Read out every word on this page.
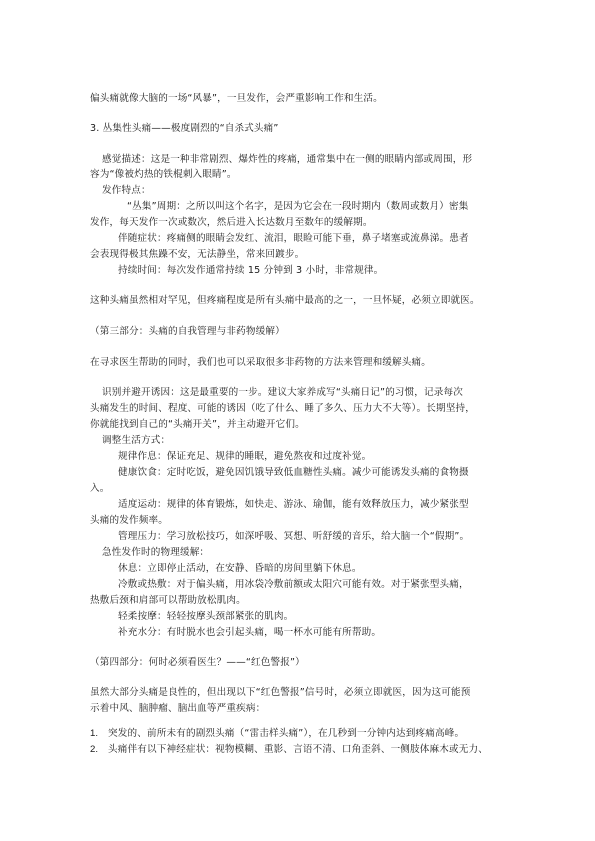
偏头痛就像大脑的一场“风暴”，一旦发作，会严重影响工作和生活。
3. 丛集性头痛——极度剧烈的“自杀式头痛”
感觉描述：这是一种非常剧烈、爆炸性的疼痛，通常集中在一侧的眼睛内部或周围，形
容为“像被灼热的铁棍刺入眼睛”。
发作特点：
“丛集”周期：之所以叫这个名字，是因为它会在一段时期内（数周或数月）密集
发作，每天发作一次或数次，然后进入长达数月至数年的缓解期。
伴随症状：疼痛侧的眼睛会发红、流泪，眼睑可能下垂，鼻子堵塞或流鼻涕。患者
会表现得极其焦躁不安，无法静坐，常来回踱步。
持续时间：每次发作通常持续 15 分钟到 3 小时，非常规律。
这种头痛虽然相对罕见，但疼痛程度是所有头痛中最高的之一，一旦怀疑，必须立即就医。
（第三部分：头痛的自我管理与非药物缓解）
在寻求医生帮助的同时，我们也可以采取很多非药物的方法来管理和缓解头痛。
识别并避开诱因：这是最重要的一步。建议大家养成写“头痛日记”的习惯，记录每次
头痛发生的时间、程度、可能的诱因（吃了什么、睡了多久、压力大不大等）。长期坚持，
你就能找到自己的“头痛开关”，并主动避开它们。
调整生活方式：
规律作息：保证充足、规律的睡眠，避免熬夜和过度补觉。
健康饮食：定时吃饭，避免因饥饿导致低血糖性头痛。减少可能诱发头痛的食物摄
入。
适度运动：规律的体育锻炼，如快走、游泳、瑜伽，能有效释放压力，减少紧张型
头痛的发作频率。
管理压力：学习放松技巧，如深呼吸、冥想、听舒缓的音乐，给大脑一个“假期”。
急性发作时的物理缓解：
休息：立即停止活动，在安静、昏暗的房间里躺下休息。
冷敷或热敷：对于偏头痛，用冰袋冷敷前额或太阳穴可能有效。对于紧张型头痛，
热敷后颈和肩部可以帮助放松肌肉。
轻柔按摩：轻轻按摩头颈部紧张的肌肉。
补充水分：有时脱水也会引起头痛，喝一杯水可能有所帮助。
（第四部分：何时必须看医生？——“红色警报”）
虽然大部分头痛是良性的，但出现以下“红色警报”信号时，必须立即就医，因为这可能预
示着中风、脑肿瘤、脑出血等严重疾病：
1. 突发的、前所未有的剧烈头痛（“雷击样头痛”），在几秒到一分钟内达到疼痛高峰。
2. 头痛伴有以下神经症状：视物模糊、重影、言语不清、口角歪斜、一侧肢体麻木或无力、
